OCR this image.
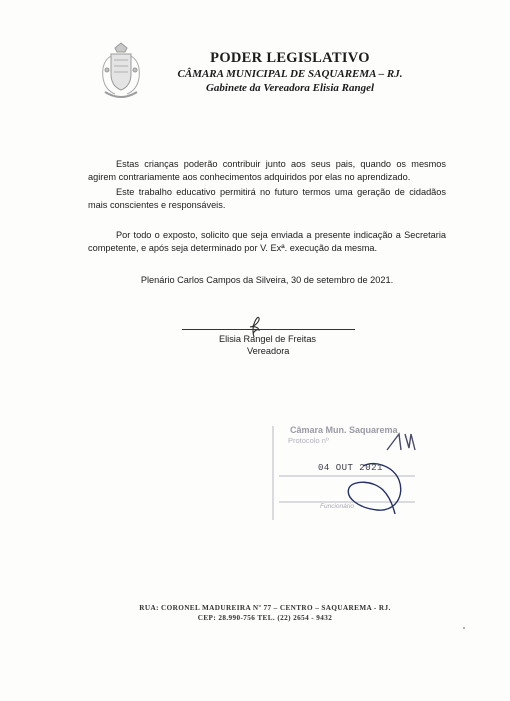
PODER LEGISLATIVO
CÂMARA MUNICIPAL DE SAQUAREMA – RJ.
Gabinete da Vereadora Elisia Rangel

Estas crianças poderão contribuir junto aos seus pais, quando os mesmos agirem contrariamente aos conhecimentos adquiridos por elas no aprendizado.

Este trabalho educativo permitirá no futuro termos uma geração de cidadãos mais conscientes e responsáveis.

Por todo o exposto, solicito que seja enviada a presente indicação a Secretaria competente, e após seja determinado por V. Exª. execução da mesma.

Plenário Carlos Campos da Silveira, 30 de setembro de 2021.

Elisia Rangel de Freitas
Vereadora
Câmara Mun. Saquarema
Protocolo nº
04 OUT 2021
Funcionário
RUA: CORONEL MADUREIRA Nº 77 – CENTRO – SAQUAREMA - RJ.
CEP: 28.990-756 TEL. (22) 2654 - 9432
